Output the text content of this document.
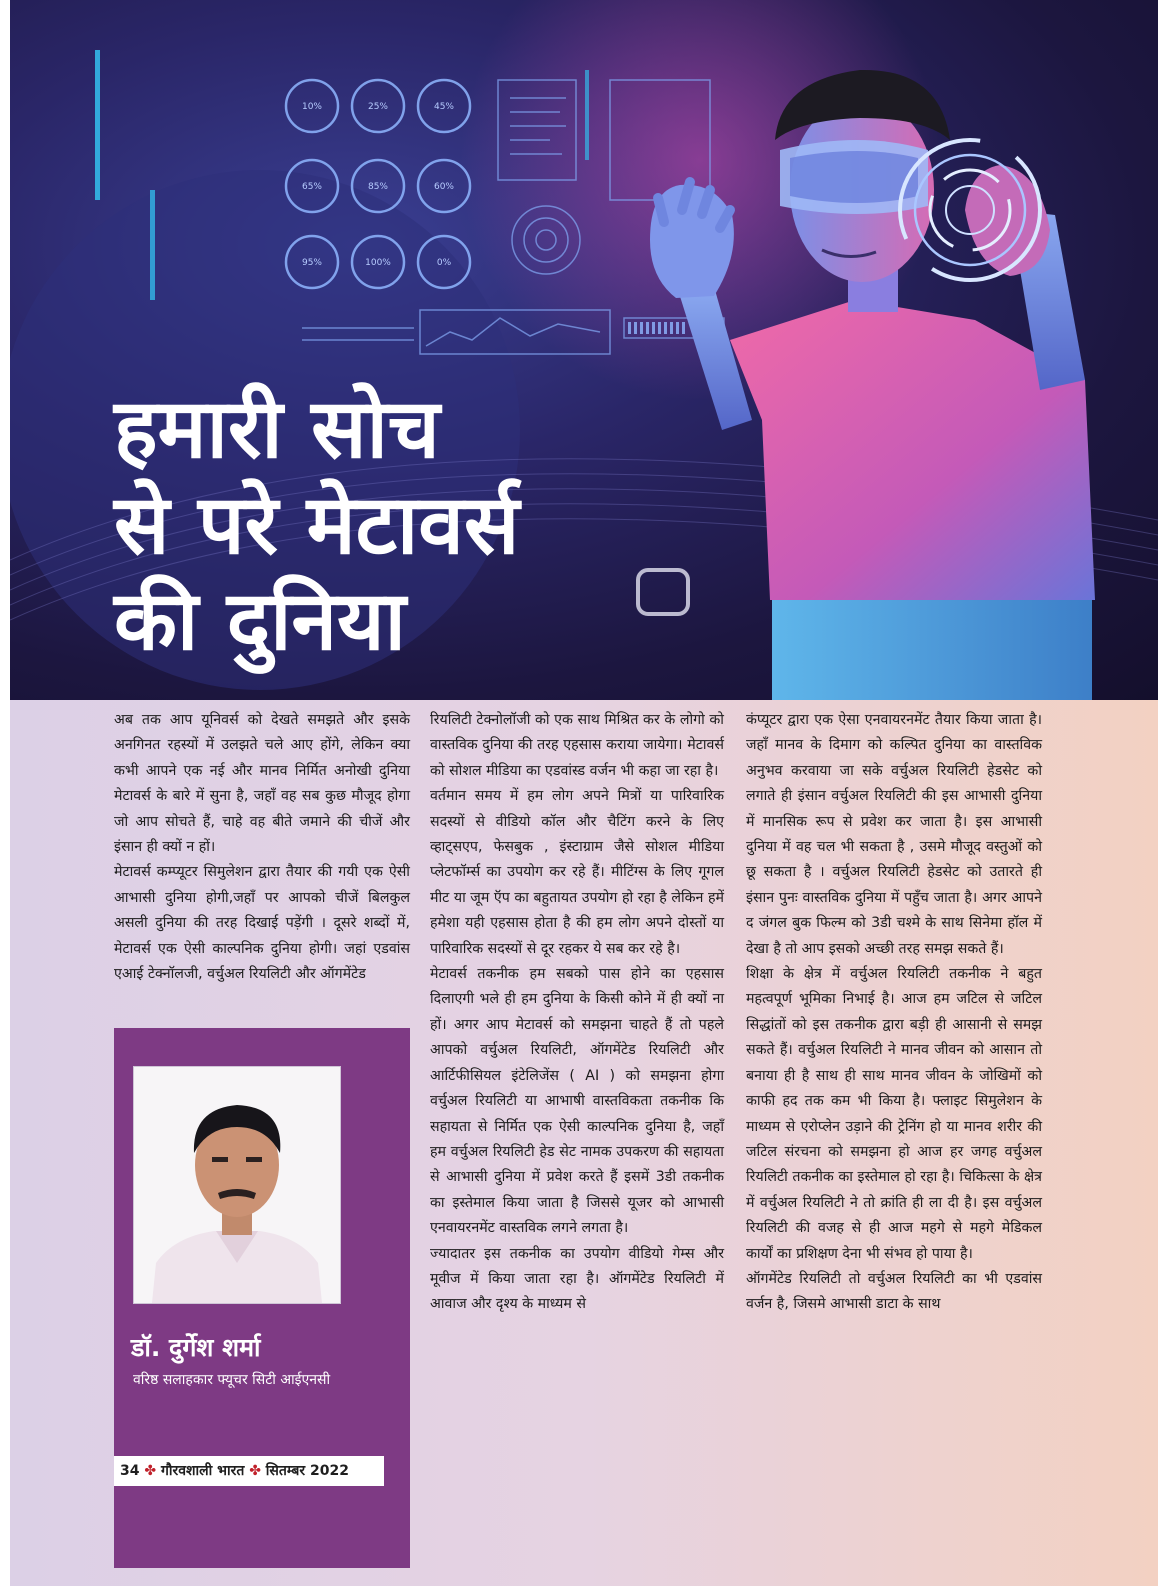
10%	25%	45%
65%	85%	60%
95%	100%	0%
हमारी सोच
से परे मेटावर्स
की दुनिया

अब तक आप यूनिवर्स को देखते समझते और इसके अनगिनत रहस्यों में उलझते चले आए होंगे, लेकिन क्या कभी आपने एक नई और मानव निर्मित अनोखी दुनिया मेटावर्स के बारे में सुना है, जहाँ वह सब कुछ मौजूद होगा जो आप सोचते हैं, चाहे वह बीते जमाने की चीजें और इंसान ही क्यों न हों।

मेटावर्स कम्प्यूटर सिमुलेशन द्वारा तैयार की गयी एक ऐसी आभासी दुनिया होगी,जहाँ पर आपको चीजें बिलकुल असली दुनिया की तरह दिखाई पड़ेंगी । दूसरे शब्दों में, मेटावर्स एक ऐसी काल्पनिक दुनिया होगी। जहां एडवांस एआई टेक्नॉलजी, वर्चुअल रियलिटी और ऑगमेंटेड

डॉ. दुर्गेश शर्मा
वरिष्ठ सलाहकार फ्यूचर सिटी आईएनसी
34 ✤ गौरवशाली भारत ✤ सितम्बर 2022

रियलिटी टेक्नोलॉजी को एक साथ मिश्रित कर के लोगो को वास्तविक दुनिया की तरह एहसास कराया जायेगा। मेटावर्स को सोशल मीडिया का एडवांस्ड वर्जन भी कहा जा रहा है।

वर्तमान समय में हम लोग अपने मित्रों या पारिवारिक सदस्यों से वीडियो कॉल और चैटिंग करने के लिए व्हाट्सएप, फेसबुक , इंस्टाग्राम जैसे सोशल मीडिया प्लेटफॉर्म्स का उपयोग कर रहे हैं। मीटिंग्स के लिए गूगल मीट या जूम ऍप का बहुतायत उपयोग हो रहा है लेकिन हमें हमेशा यही एहसास होता है की हम लोग अपने दोस्तों या पारिवारिक सदस्यों से दूर रहकर ये सब कर रहे है।

मेटावर्स तकनीक हम सबको पास होने का एहसास दिलाएगी भले ही हम दुनिया के किसी कोने में ही क्यों ना हों। अगर आप मेटावर्स को समझना चाहते हैं तो पहले आपको वर्चुअल रियलिटी, ऑगमेंटेड रियलिटी और आर्टिफीसियल इंटेलिजेंस ( AI ) को समझना होगा वर्चुअल रियलिटी या आभाषी वास्तविकता तकनीक कि सहायता से निर्मित एक ऐसी काल्पनिक दुनिया है, जहाँ हम वर्चुअल रियलिटी हेड सेट नामक उपकरण की सहायता से आभासी दुनिया में प्रवेश करते हैं इसमें 3डी तकनीक का इस्तेमाल किया जाता है जिससे यूजर को आभासी एनवायरनमेंट वास्तविक लगने लगता है।

ज्यादातर इस तकनीक का उपयोग वीडियो गेम्स और मूवीज में किया जाता रहा है। ऑगमेंटेड रियलिटी में आवाज और दृश्य के माध्यम से

कंप्यूटर द्वारा एक ऐसा एनवायरनमेंट तैयार किया जाता है। जहाँ मानव के दिमाग को कल्पित दुनिया का वास्तविक अनुभव करवाया जा सके वर्चुअल रियलिटी हेडसेट को लगाते ही इंसान वर्चुअल रियलिटी की इस आभासी दुनिया में मानसिक रूप से प्रवेश कर जाता है। इस आभासी दुनिया में वह चल भी सकता है , उसमे मौजूद वस्तुओं को छू सकता है । वर्चुअल रियलिटी हेडसेट को उतारते ही इंसान पुनः वास्तविक दुनिया में पहुँच जाता है। अगर आपने द जंगल बुक फिल्म को 3डी चश्मे के साथ सिनेमा हॉल में देखा है तो आप इसको अच्छी तरह समझ सकते हैं।

शिक्षा के क्षेत्र में वर्चुअल रियलिटी तकनीक ने बहुत महत्वपूर्ण भूमिका निभाई है। आज हम जटिल से जटिल सिद्धांतों को इस तकनीक द्वारा बड़ी ही आसानी से समझ सकते हैं। वर्चुअल रियलिटी ने मानव जीवन को आसान तो बनाया ही है साथ ही साथ मानव जीवन के जोखिमों को काफी हद तक कम भी किया है। फ्लाइट सिमुलेशन के माध्यम से एरोप्लेन उड़ाने की ट्रेनिंग हो या मानव शरीर की जटिल संरचना को समझना हो आज हर जगह वर्चुअल रियलिटी तकनीक का इस्तेमाल हो रहा है। चिकित्सा के क्षेत्र में वर्चुअल रियलिटी ने तो क्रांति ही ला दी है। इस वर्चुअल रियलिटी की वजह से ही आज महगे से महगे मेडिकल कार्यों का प्रशिक्षण देना भी संभव हो पाया है।

ऑगमेंटेड रियलिटी तो वर्चुअल रियलिटी का भी एडवांस वर्जन है, जिसमे आभासी डाटा के साथ
